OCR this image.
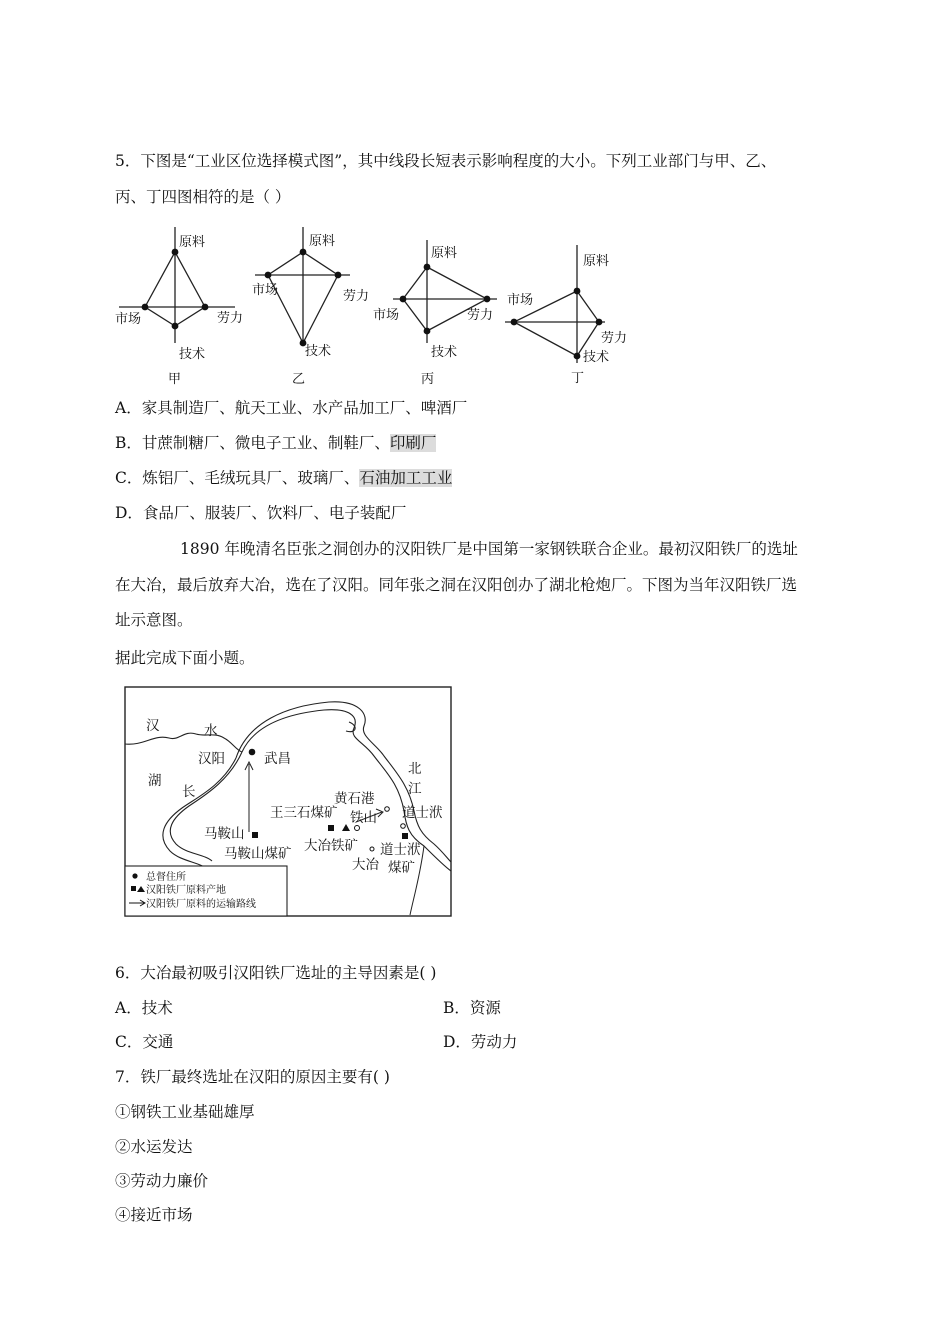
5．下图是“工业区位选择模式图”，其中线段长短表示影响程度的大小。下列工业部门与甲、乙、
丙、丁四图相符的是（ ）
原料
市场	劳力
技术
甲
原料
市场	劳力
技术
乙
原料
市场	劳力
技术
丙
原料
市场
劳力
技术
丁
A．家具制造厂、航天工业、水产品加工厂、啤酒厂
B．甘蔗制糖厂、微电子工业、制鞋厂、印刷厂
C．炼铝厂、毛绒玩具厂、玻璃厂、石油加工工业
D．食品厂、服装厂、饮料厂、电子装配厂
1890 年晚清名臣张之洞创办的汉阳铁厂是中国第一家钢铁联合企业。最初汉阳铁厂的选址
在大冶，最后放弃大冶，选在了汉阳。同年张之洞在汉阳创办了湖北枪炮厂。下图为当年汉阳铁厂选
址示意图。
据此完成下面小题。
汉	水
汉阳	武昌
湖
长
北
江
黄石港
铁山 道士洑
王三石煤矿
马鞍山
马鞍山煤矿 大冶铁矿 道士洑
煤矿
大冶
总督住所
汉阳铁厂原料产地
汉阳铁厂原料的运输路线
6．大冶最初吸引汉阳铁厂选址的主导因素是( )
A．技术	B．资源
C．交通	D．劳动力
7．铁厂最终选址在汉阳的原因主要有( )
①钢铁工业基础雄厚
②水运发达
③劳动力廉价
④接近市场
